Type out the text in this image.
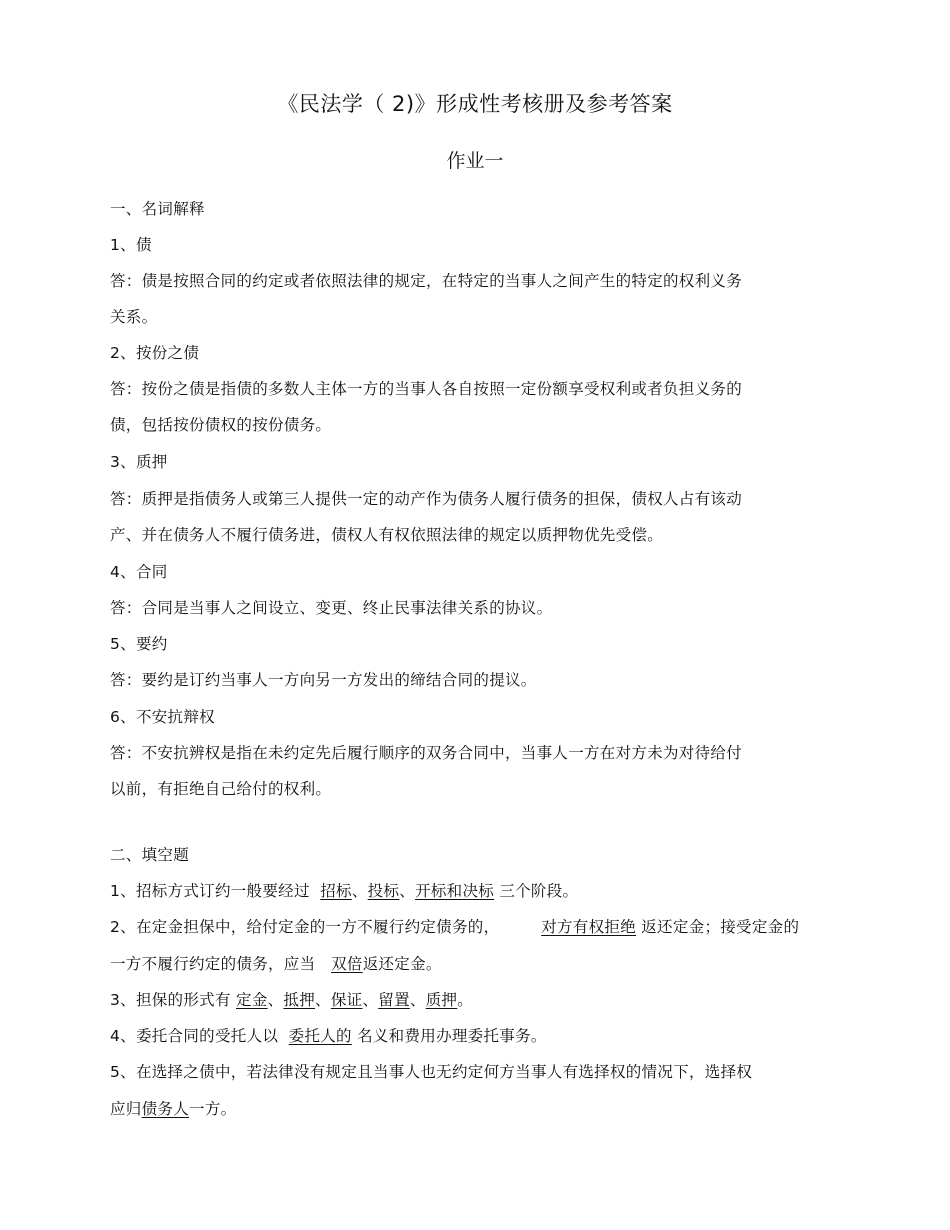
《民法学（ 2)》形成性考核册及参考答案
作业一
一、名词解释
1、债
答：债是按照合同的约定或者依照法律的规定，在特定的当事人之间产生的特定的权利义务
关系。
2、按份之债
答：按份之债是指债的多数人主体一方的当事人各自按照一定份额享受权利或者负担义务的
债，包括按份债权的按份债务。
3、质押
答：质押是指债务人或第三人提供一定的动产作为债务人履行债务的担保，债权人占有该动
产、并在债务人不履行债务进，债权人有权依照法律的规定以质押物优先受偿。
4、合同
答：合同是当事人之间设立、变更、终止民事法律关系的协议。
5、要约
答：要约是订约当事人一方向另一方发出的缔结合同的提议。
6、不安抗辩权
答：不安抗辨权是指在未约定先后履行顺序的双务合同中，当事人一方在对方未为对待给付
以前，有拒绝自己给付的权利。
二、填空题
1、招标方式订约一般要经过 招标、投标、开标和决标 三个阶段。
2、在定金担保中，给付定金的一方不履行约定债务的，	对方有权拒绝 返还定金；接受定金的
一方不履行约定的债务，应当 双倍返还定金。
3、担保的形式有 定金、抵押、保证、留置、质押。
4、委托合同的受托人以 委托人的 名义和费用办理委托事务。
5、在选择之债中，若法律没有规定且当事人也无约定何方当事人有选择权的情况下，选择权
应归债务人一方。
